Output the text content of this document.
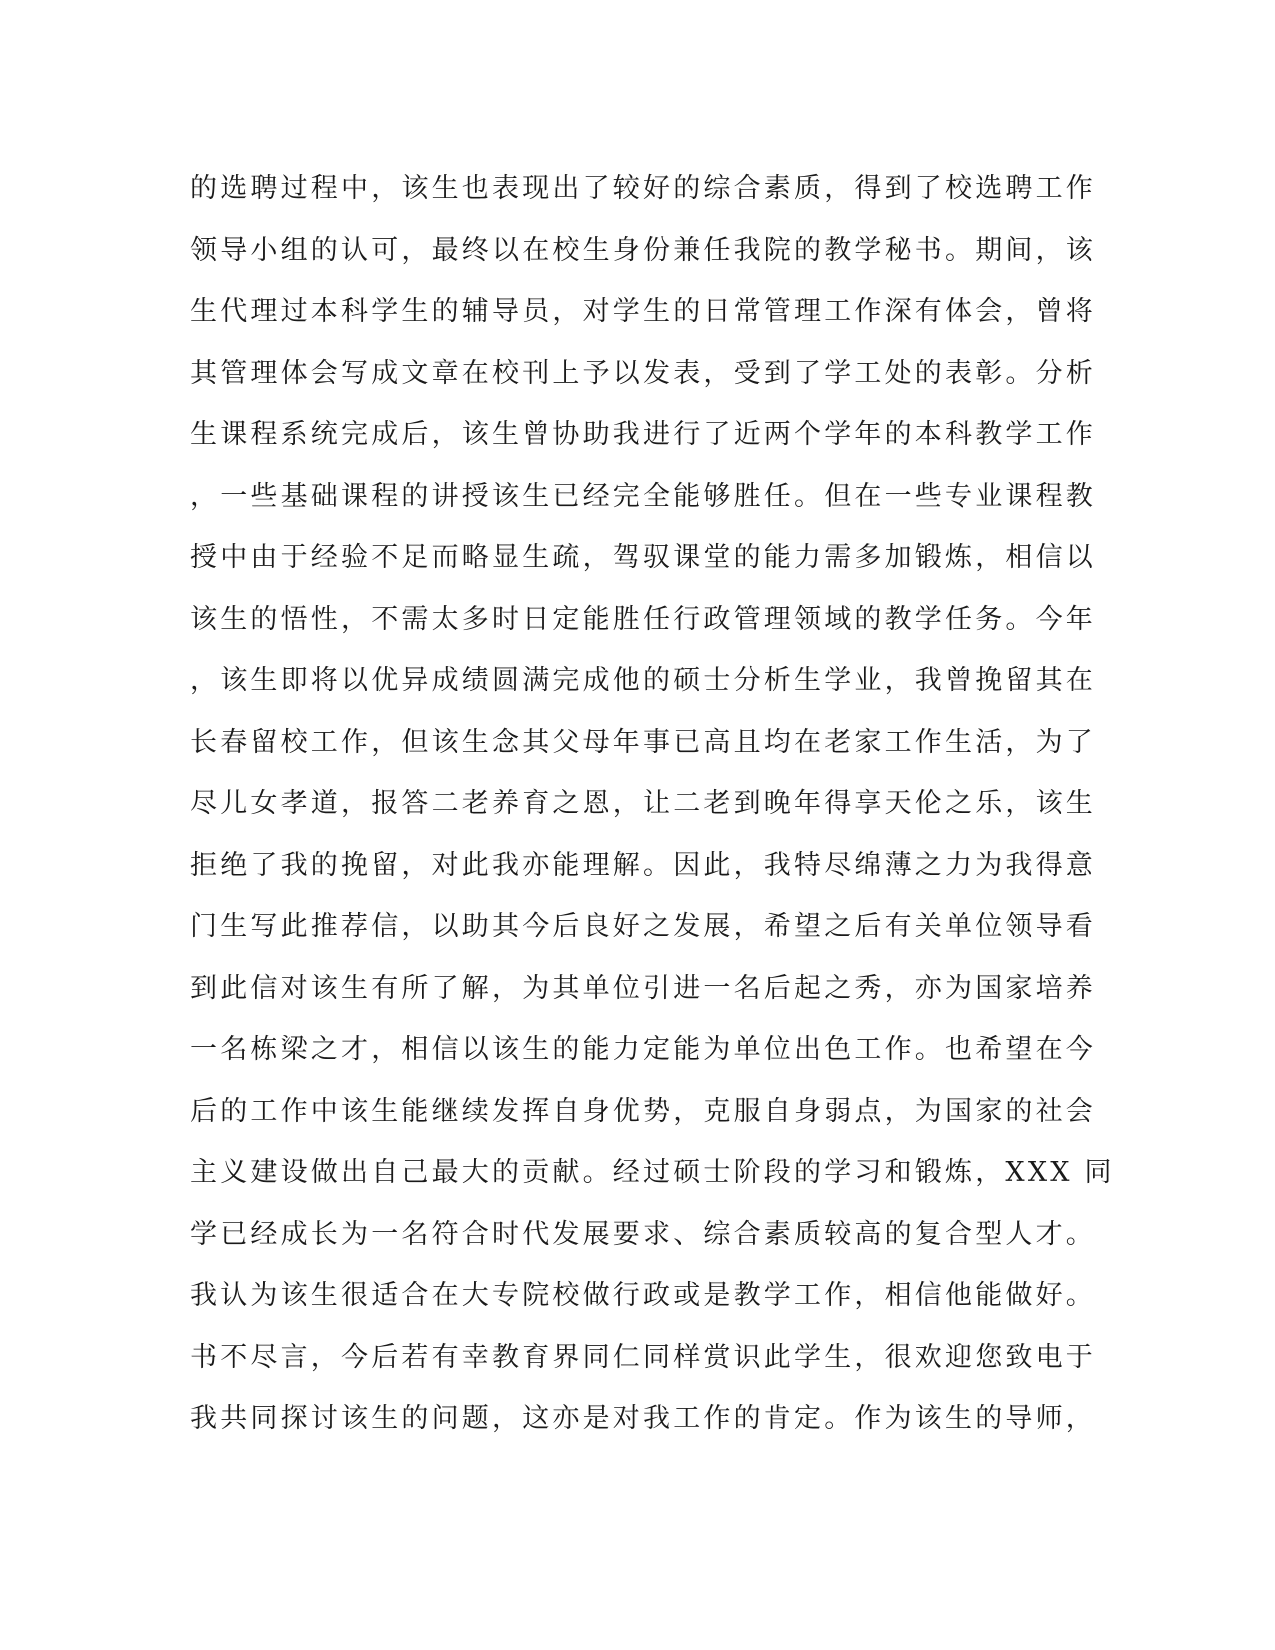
的选聘过程中，该生也表现出了较好的综合素质，得到了校选聘工作
领导小组的认可，最终以在校生身份兼任我院的教学秘书。期间，该
生代理过本科学生的辅导员，对学生的日常管理工作深有体会，曾将
其管理体会写成文章在校刊上予以发表，受到了学工处的表彰。分析
生课程系统完成后，该生曾协助我进行了近两个学年的本科教学工作
，一些基础课程的讲授该生已经完全能够胜任。但在一些专业课程教
授中由于经验不足而略显生疏，驾驭课堂的能力需多加锻炼，相信以
该生的悟性，不需太多时日定能胜任行政管理领域的教学任务。今年
，该生即将以优异成绩圆满完成他的硕士分析生学业，我曾挽留其在
长春留校工作，但该生念其父母年事已高且均在老家工作生活，为了
尽儿女孝道，报答二老养育之恩，让二老到晚年得享天伦之乐，该生
拒绝了我的挽留，对此我亦能理解。因此，我特尽绵薄之力为我得意
门生写此推荐信，以助其今后良好之发展，希望之后有关单位领导看
到此信对该生有所了解，为其单位引进一名后起之秀，亦为国家培养
一名栋梁之才，相信以该生的能力定能为单位出色工作。也希望在今
后的工作中该生能继续发挥自身优势，克服自身弱点，为国家的社会
主义建设做出自己最大的贡献。经过硕士阶段的学习和锻炼，XXX 同
学已经成长为一名符合时代发展要求、综合素质较高的复合型人才。
我认为该生很适合在大专院校做行政或是教学工作，相信他能做好。
书不尽言，今后若有幸教育界同仁同样赏识此学生，很欢迎您致电于
我共同探讨该生的问题，这亦是对我工作的肯定。作为该生的导师，
